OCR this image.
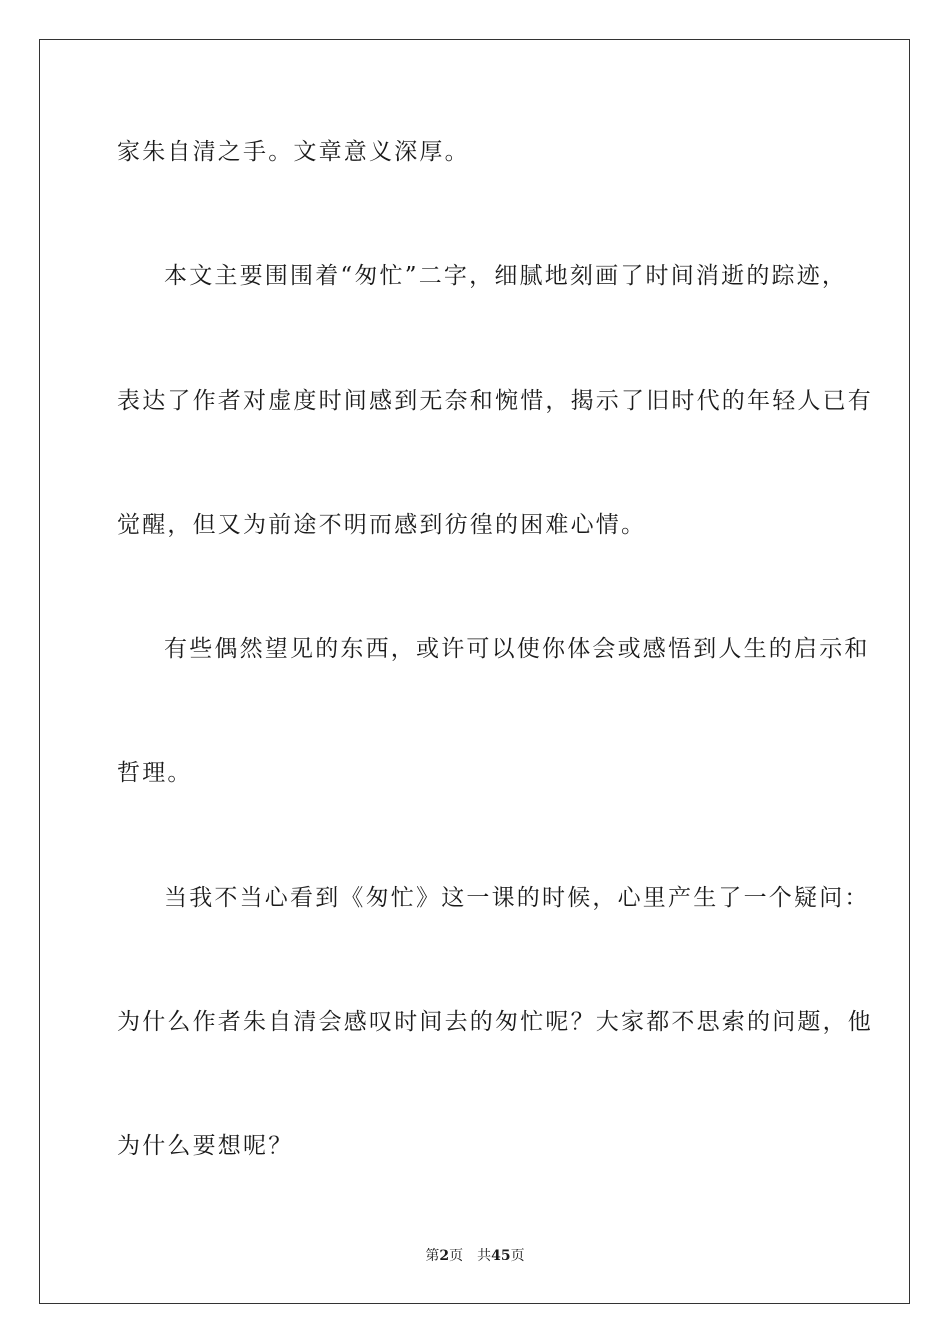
家朱自清之手。文章意义深厚。
本文主要围围着“匆忙”二字，细腻地刻画了时间消逝的踪迹，
表达了作者对虚度时间感到无奈和惋惜，揭示了旧时代的年轻人已有
觉醒，但又为前途不明而感到彷徨的困难心情。
有些偶然望见的东西，或许可以使你体会或感悟到人生的启示和
哲理。
当我不当心看到《匆忙》这一课的时候，心里产生了一个疑问：
为什么作者朱自清会感叹时间去的匆忙呢？大家都不思索的问题，他
为什么要想呢？
第2页 共45页
